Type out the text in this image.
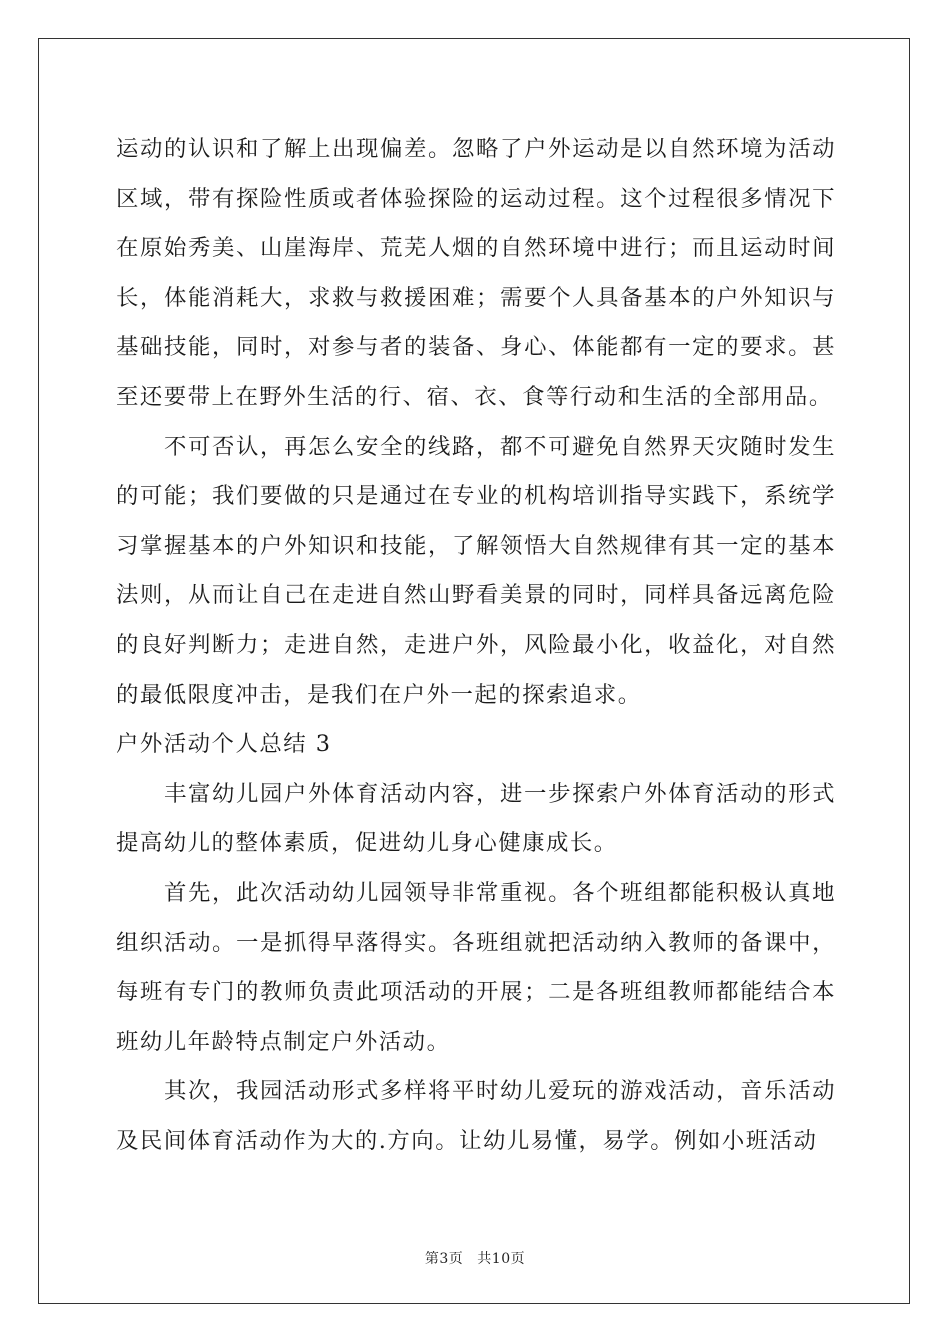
运动的认识和了解上出现偏差。忽略了户外运动是以自然环境为活动区域，带有探险性质或者体验探险的运动过程。这个过程很多情况下在原始秀美、山崖海岸、荒芜人烟的自然环境中进行；而且运动时间长，体能消耗大，求救与救援困难；需要个人具备基本的户外知识与基础技能，同时，对参与者的装备、身心、体能都有一定的要求。甚至还要带上在野外生活的行、宿、衣、食等行动和生活的全部用品。

不可否认，再怎么安全的线路，都不可避免自然界天灾随时发生的可能；我们要做的只是通过在专业的机构培训指导实践下，系统学习掌握基本的户外知识和技能，了解领悟大自然规律有其一定的基本法则，从而让自己在走进自然山野看美景的同时，同样具备远离危险的良好判断力；走进自然，走进户外，风险最小化，收益化，对自然的最低限度冲击，是我们在户外一起的探索追求。

户外活动个人总结 3

丰富幼儿园户外体育活动内容，进一步探索户外体育活动的形式提高幼儿的整体素质，促进幼儿身心健康成长。

首先，此次活动幼儿园领导非常重视。各个班组都能积极认真地组织活动。一是抓得早落得实。各班组就把活动纳入教师的备课中，每班有专门的教师负责此项活动的开展；二是各班组教师都能结合本班幼儿年龄特点制定户外活动。

其次，我园活动形式多样将平时幼儿爱玩的游戏活动，音乐活动及民间体育活动作为大的.方向。让幼儿易懂，易学。例如小班活动

第3页 共10页
